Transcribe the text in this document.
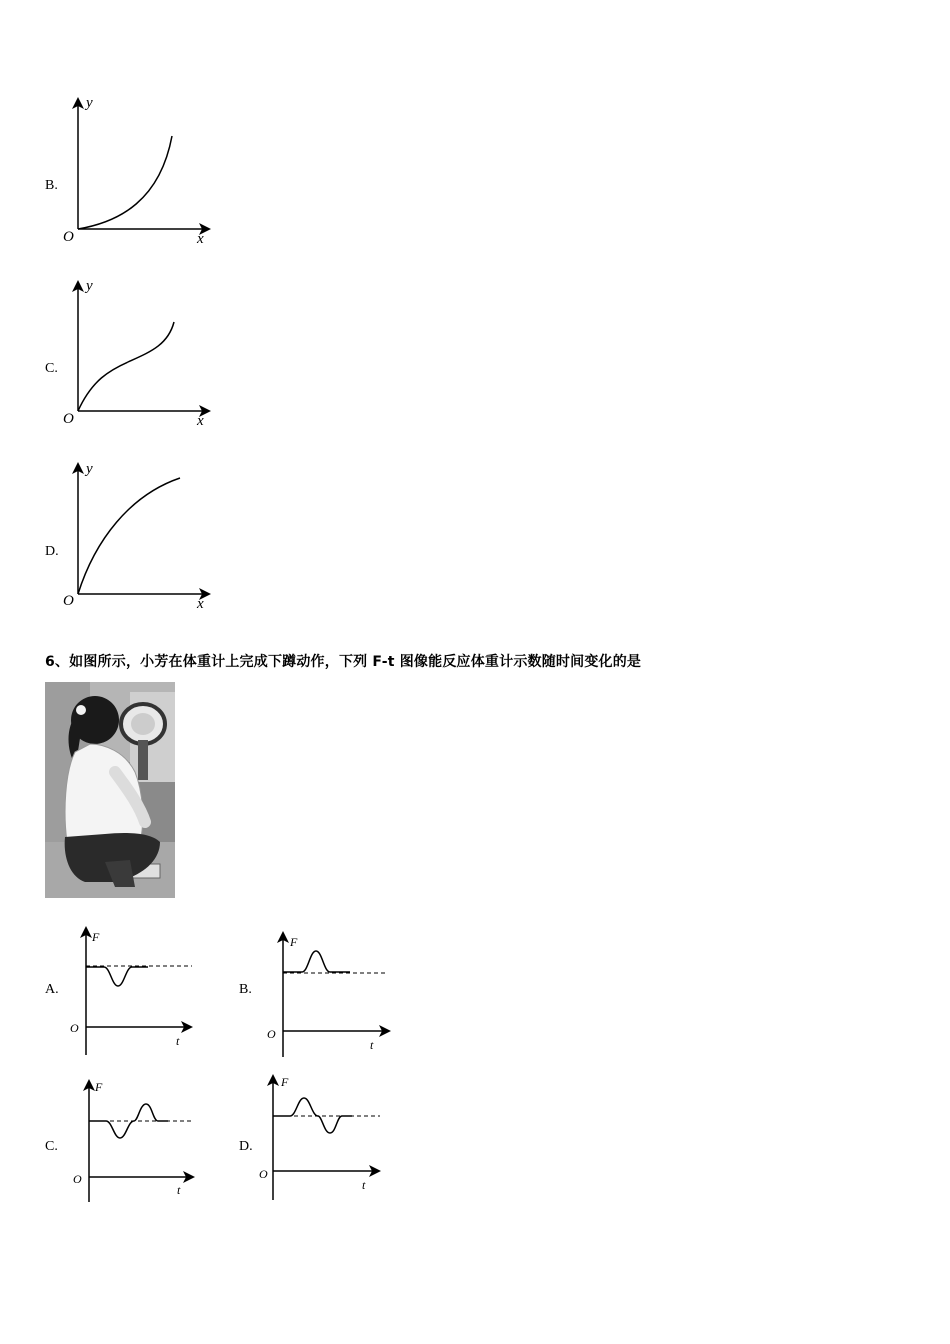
B.
y
O	x
C.
y
O	x
D.
y
O	x
6、如图所示，小芳在体重计上完成下蹲动作，下列 F-t 图像能反应体重计示数随时间变化的是
A.
F
O
t
B.
F
O
t
C.
F
O
t
D.
F
O
t
